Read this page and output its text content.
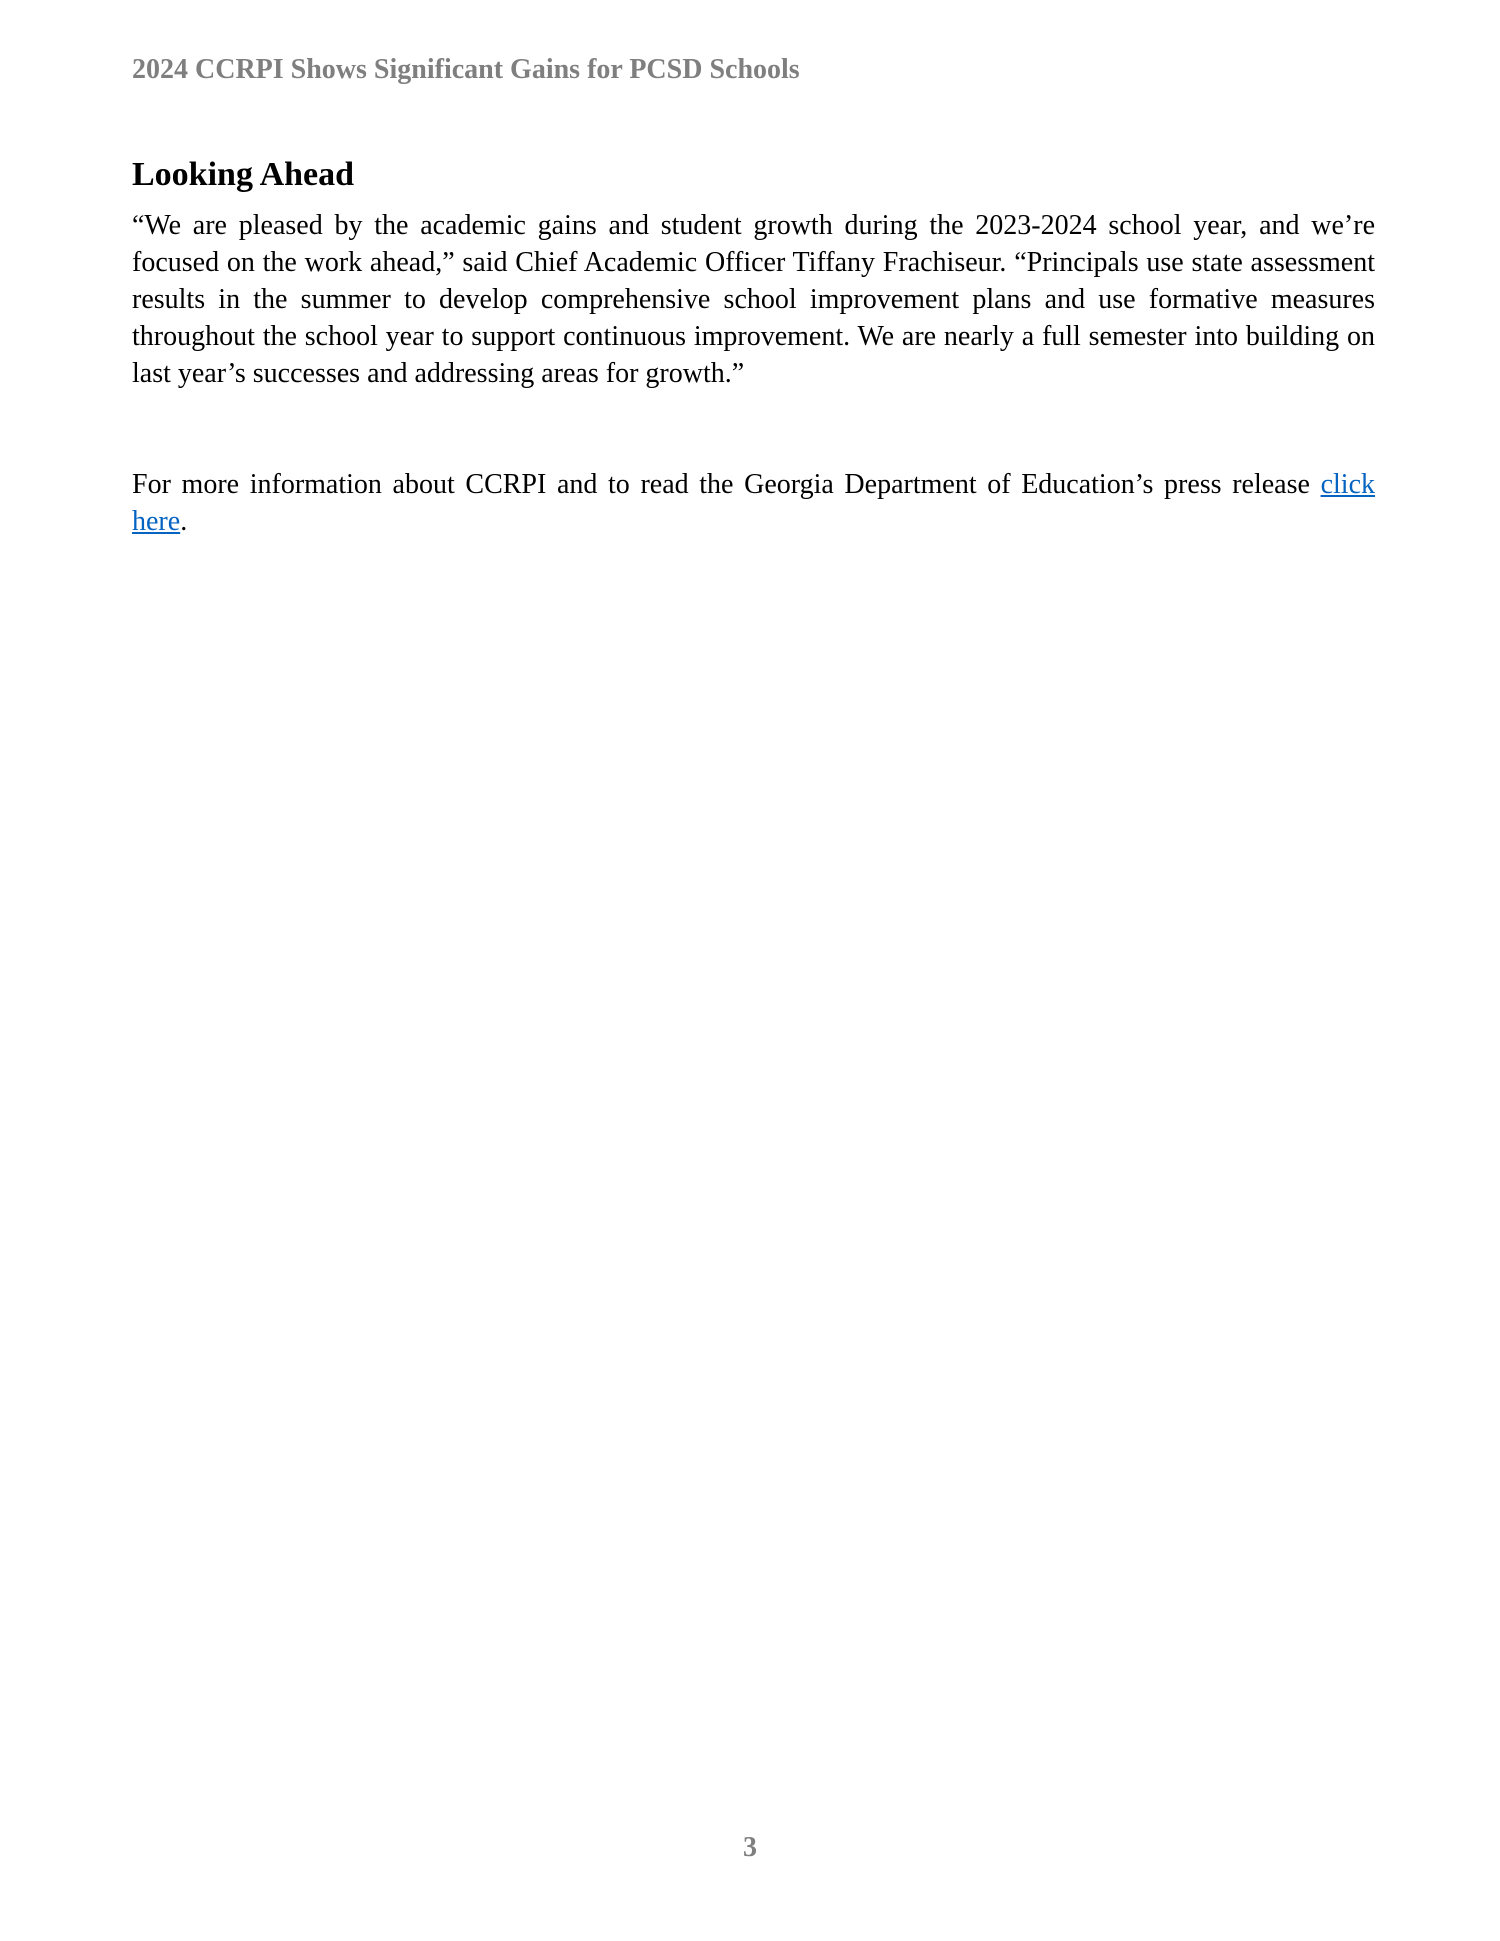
2024 CCRPI Shows Significant Gains for PCSD Schools
Looking Ahead

“We are pleased by the academic gains and student growth during the 2023-2024 school year, and we’re focused on the work ahead,” said Chief Academic Officer Tiffany Frachiseur. “Principals use state assessment results in the summer to develop comprehensive school improvement plans and use formative measures throughout the school year to support continuous improvement. We are nearly a full semester into building on last year’s successes and addressing areas for growth.”

For more information about CCRPI and to read the Georgia Department of Education’s press release click here.

3
